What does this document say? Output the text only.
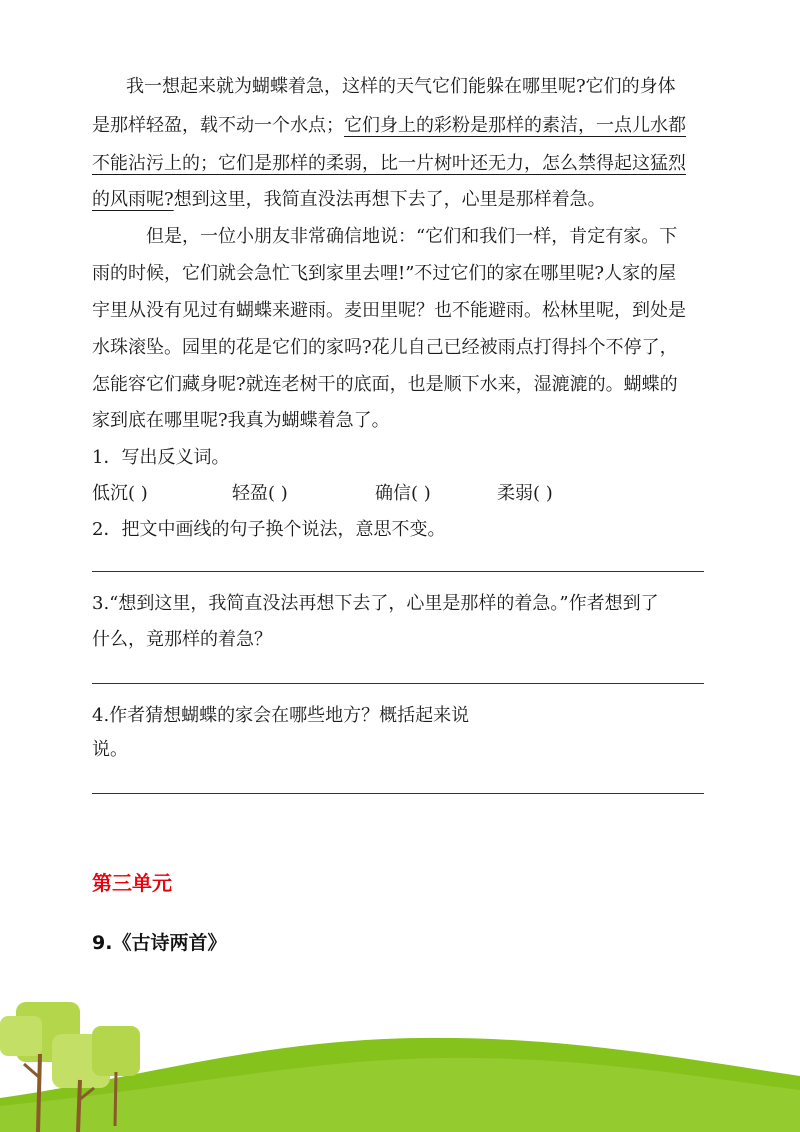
我一想起来就为蝴蝶着急，这样的天气它们能躲在哪里呢?它们的身体
是那样轻盈，载不动一个水点；它们身上的彩粉是那样的素洁，一点儿水都
不能沾污上的；它们是那样的柔弱，比一片树叶还无力，怎么禁得起这猛烈
的风雨呢?想到这里，我简直没法再想下去了，心里是那样着急。
但是，一位小朋友非常确信地说：“它们和我们一样，肯定有家。下
雨的时候，它们就会急忙飞到家里去哩!”不过它们的家在哪里呢?人家的屋
宇里从没有见过有蝴蝶来避雨。麦田里呢？也不能避雨。松林里呢，到处是
水珠滚坠。园里的花是它们的家吗?花儿自己已经被雨点打得抖个不停了，
怎能容它们藏身呢?就连老树干的底面，也是顺下水来，湿漉漉的。蝴蝶的
家到底在哪里呢?我真为蝴蝶着急了。
1．写出反义词。
低沉( )	轻盈( )	确信( )	柔弱( )
2．把文中画线的句子换个说法，意思不变。
3.“想到这里，我简直没法再想下去了，心里是那样的着急。”作者想到了
什么，竟那样的着急？
4.作者猜想蝴蝶的家会在哪些地方？概括起来说
说。
第三单元
9.《古诗两首》
